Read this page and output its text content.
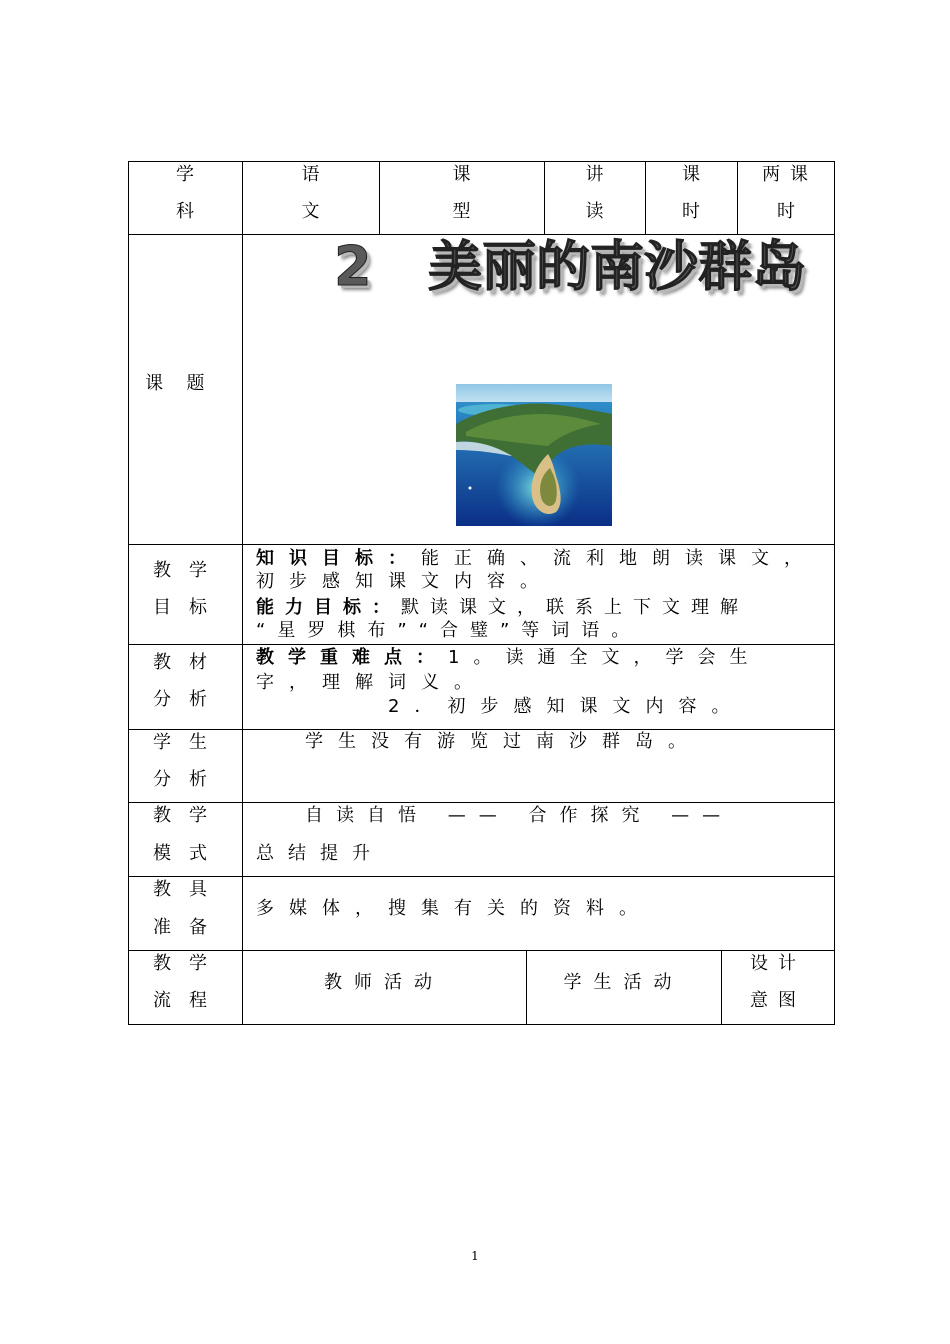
学
科
语
文
课
型
讲
读
课
时
两 课
时
课  题
2 美丽的南沙群岛
教学
目标
知识目标：能正确、流利地朗读课文，
初步感知课文内容。
能力目标：默读课文，联系上下文理解
“星罗棋布”“合璧”等词语。
教材
分析
教学重难点：1。读通全文，学会生
字，理解词义。
2．初步感知课文内容。
学生
分析
学生没有游览过南沙群岛。
教学
模式
自读自悟 —— 合作探究 ——
总结提升
教具
准备
多媒体，搜集有关的资料。
教学
流程
教师活动	学生活动
设计
意图
1
